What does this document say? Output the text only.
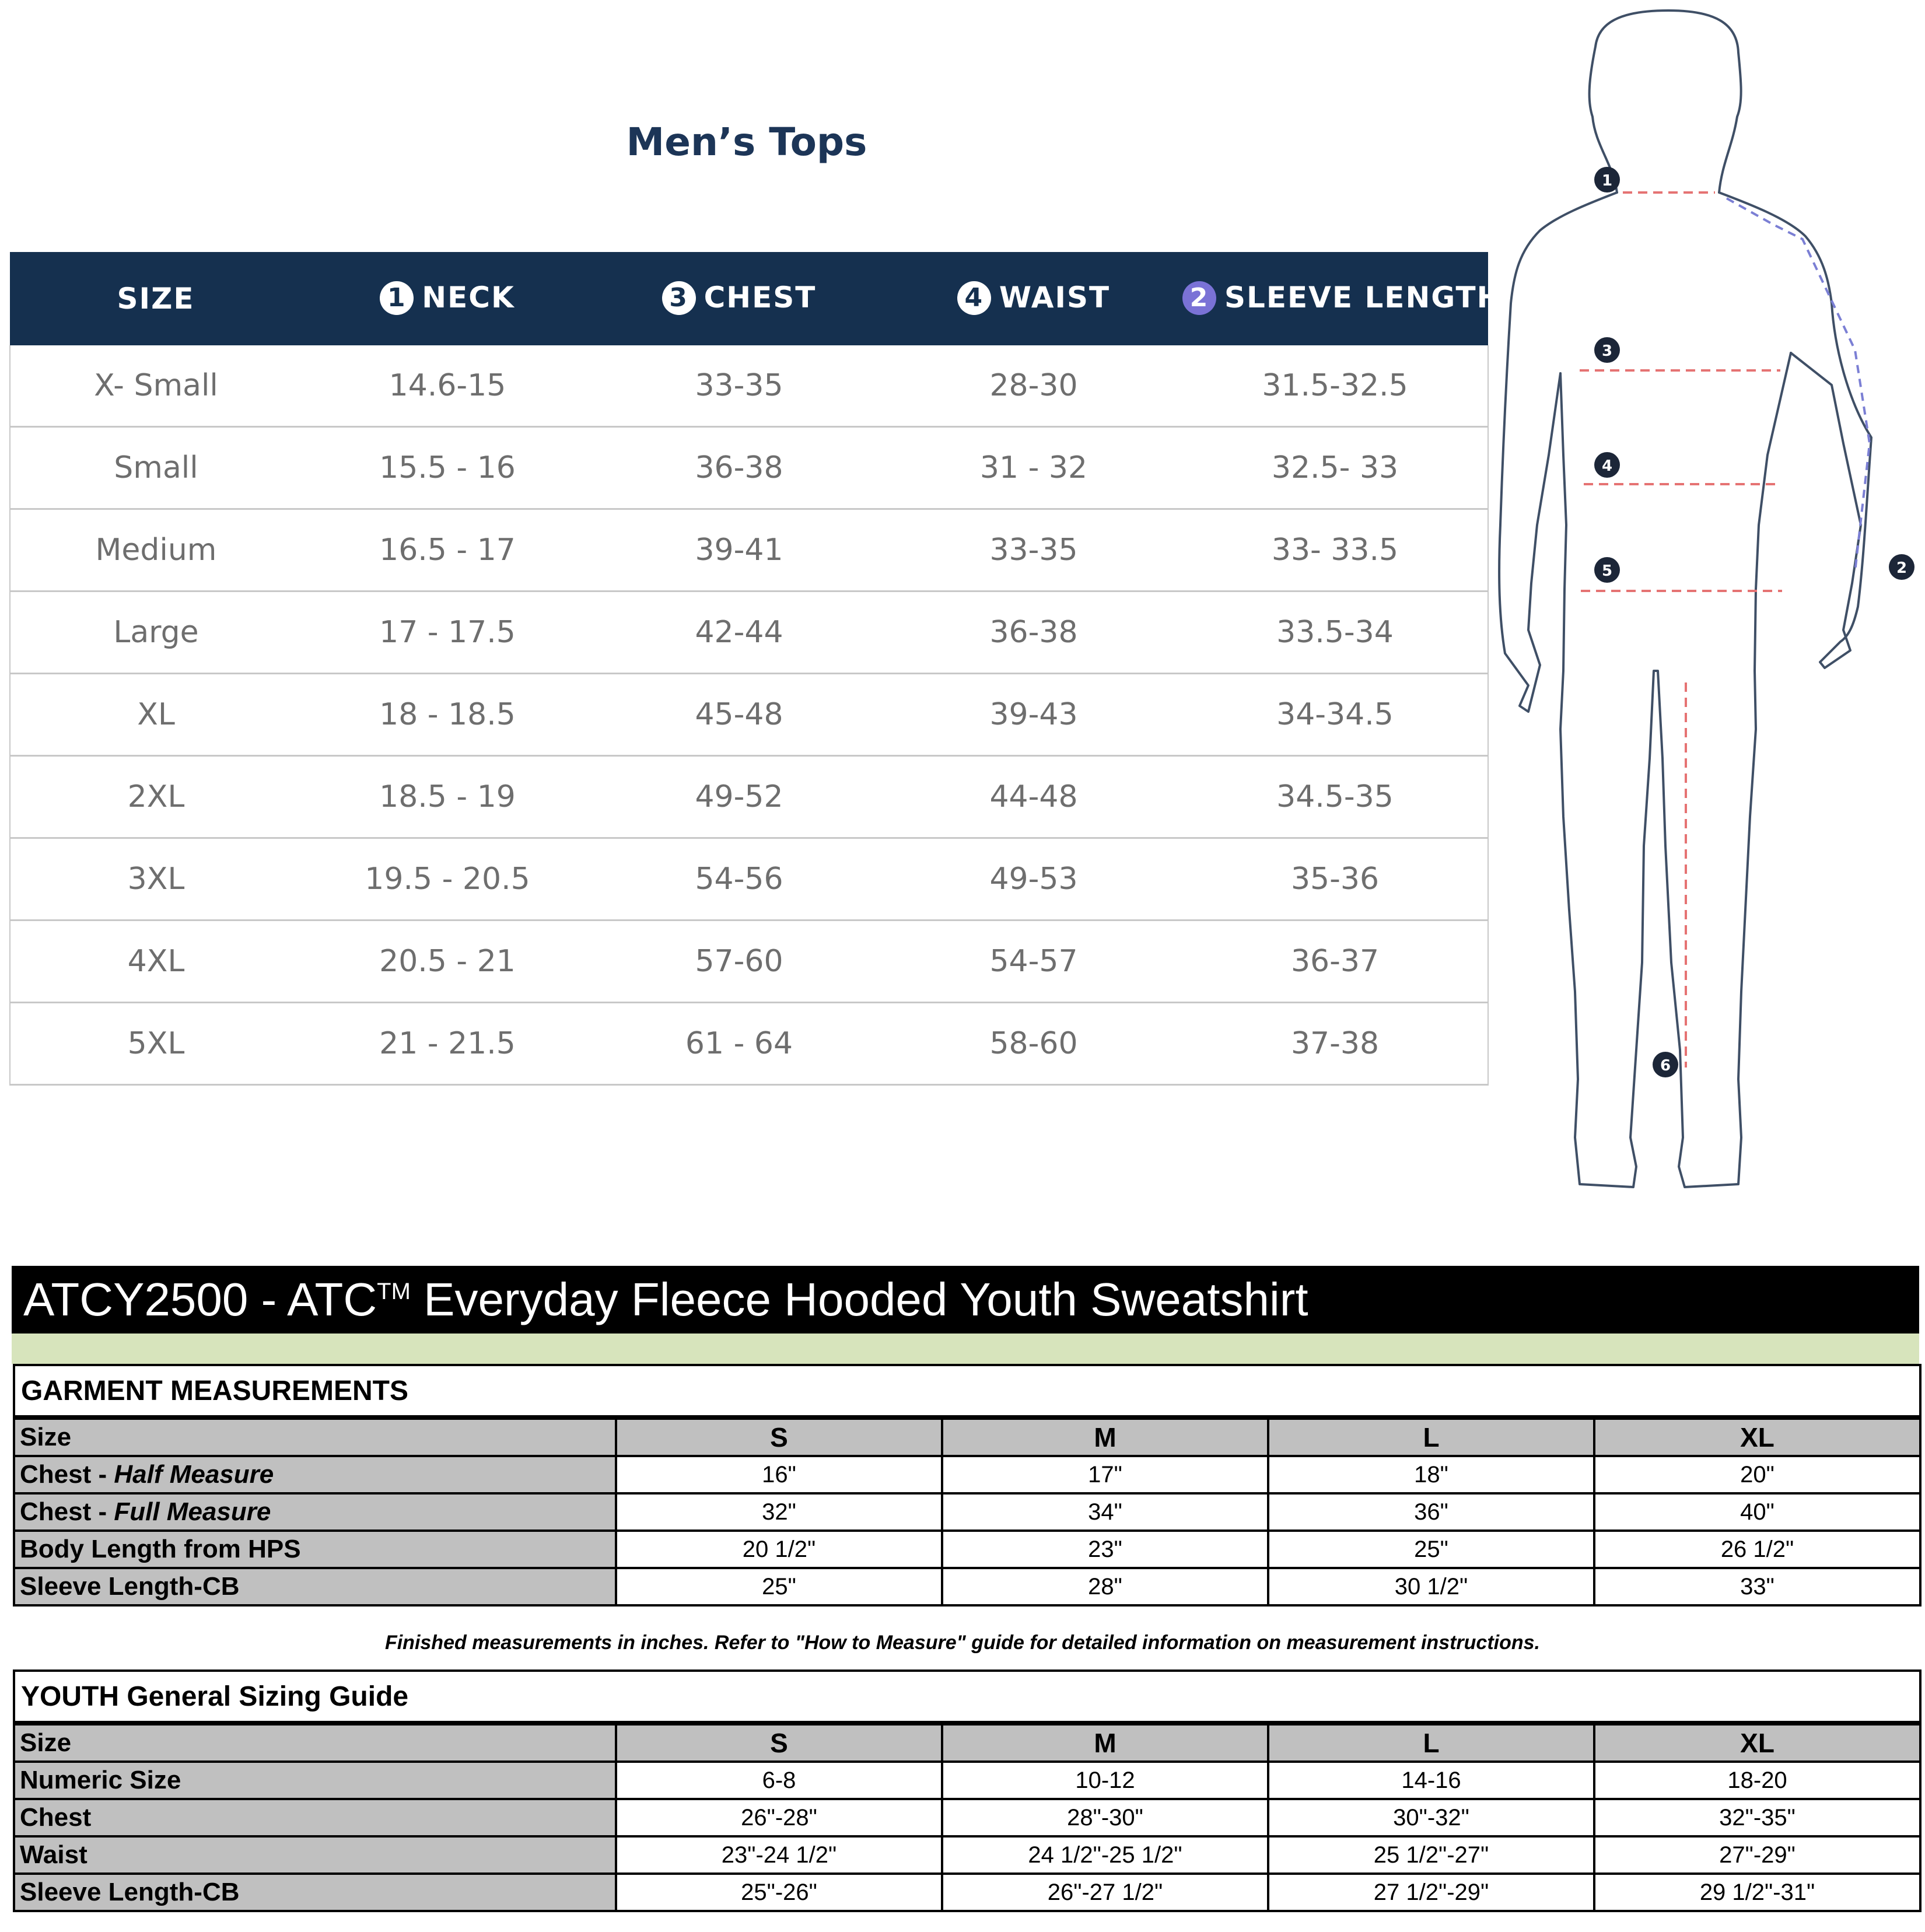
Men’s Tops
SIZE	1 NECK	3 CHEST	4 WAIST	2 SLEEVE LENGTH
X- Small	14.6-15	33-35	28-30	31.5-32.5
Small	15.5 - 16	36-38	31 - 32	32.5- 33
Medium	16.5 - 17	39-41	33-35	33- 33.5
Large	17 - 17.5	42-44	36-38	33.5-34
XL	18 - 18.5	45-48	39-43	34-34.5
2XL	18.5 - 19	49-52	44-48	34.5-35
3XL	19.5 - 20.5	54-56	49-53	35-36
4XL	20.5 - 21	57-60	54-57	36-37
5XL	21 - 21.5	61 - 64	58-60	37-38
1
2
3
4
5
6
ATCY2500 - ATC™ Everyday Fleece Hooded Youth Sweatshirt
GARMENT MEASUREMENTS				
Size	S	M	L	XL
Chest - Half Measure	16"	17"	18"	20"
Chest - Full Measure	32"	34"	36"	40"
Body Length from HPS	20 1/2"	23"	25"	26 1/2"
Sleeve Length-CB	25"	28"	30 1/2"	33"
Finished measurements in inches. Refer to "How to Measure" guide for detailed information on measurement instructions.
YOUTH General Sizing Guide				
Size	S	M	L	XL
Numeric Size	6-8	10-12	14-16	18-20
Chest	26"-28"	28"-30"	30"-32"	32"-35"
Waist	23"-24 1/2"	24 1/2"-25 1/2"	25 1/2"-27"	27"-29"
Sleeve Length-CB	25"-26"	26"-27 1/2"	27 1/2"-29"	29 1/2"-31"
